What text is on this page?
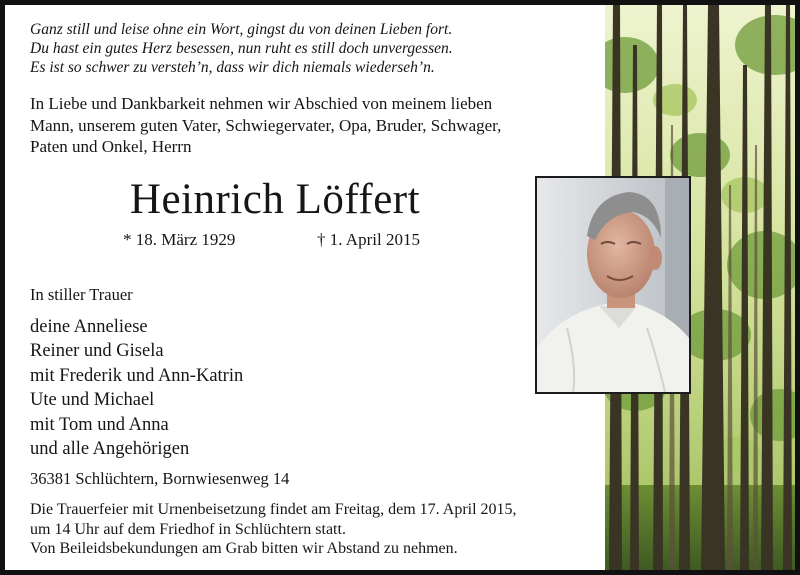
Ganz still und leise ohne ein Wort, gingst du von deinen Lieben fort.
Du hast ein gutes Herz besessen, nun ruht es still doch unvergessen.
Es ist so schwer zu versteh’n, dass wir dich niemals wiederseh’n.
In Liebe und Dankbarkeit nehmen wir Abschied von meinem lieben
Mann, unserem guten Vater, Schwiegervater, Opa, Bruder, Schwager,
Paten und Onkel, Herrn
Heinrich Löffert
* 18. März 1929	† 1. April 2015
In stiller Trauer
deine Anneliese
Reiner und Gisela
mit Frederik und Ann-Katrin
Ute und Michael
mit Tom und Anna
und alle Angehörigen
36381 Schlüchtern, Bornwiesenweg 14
Die Trauerfeier mit Urnenbeisetzung findet am Freitag, dem 17. April 2015,
um 14 Uhr auf dem Friedhof in Schlüchtern statt.
Von Beileidsbekundungen am Grab bitten wir Abstand zu nehmen.
